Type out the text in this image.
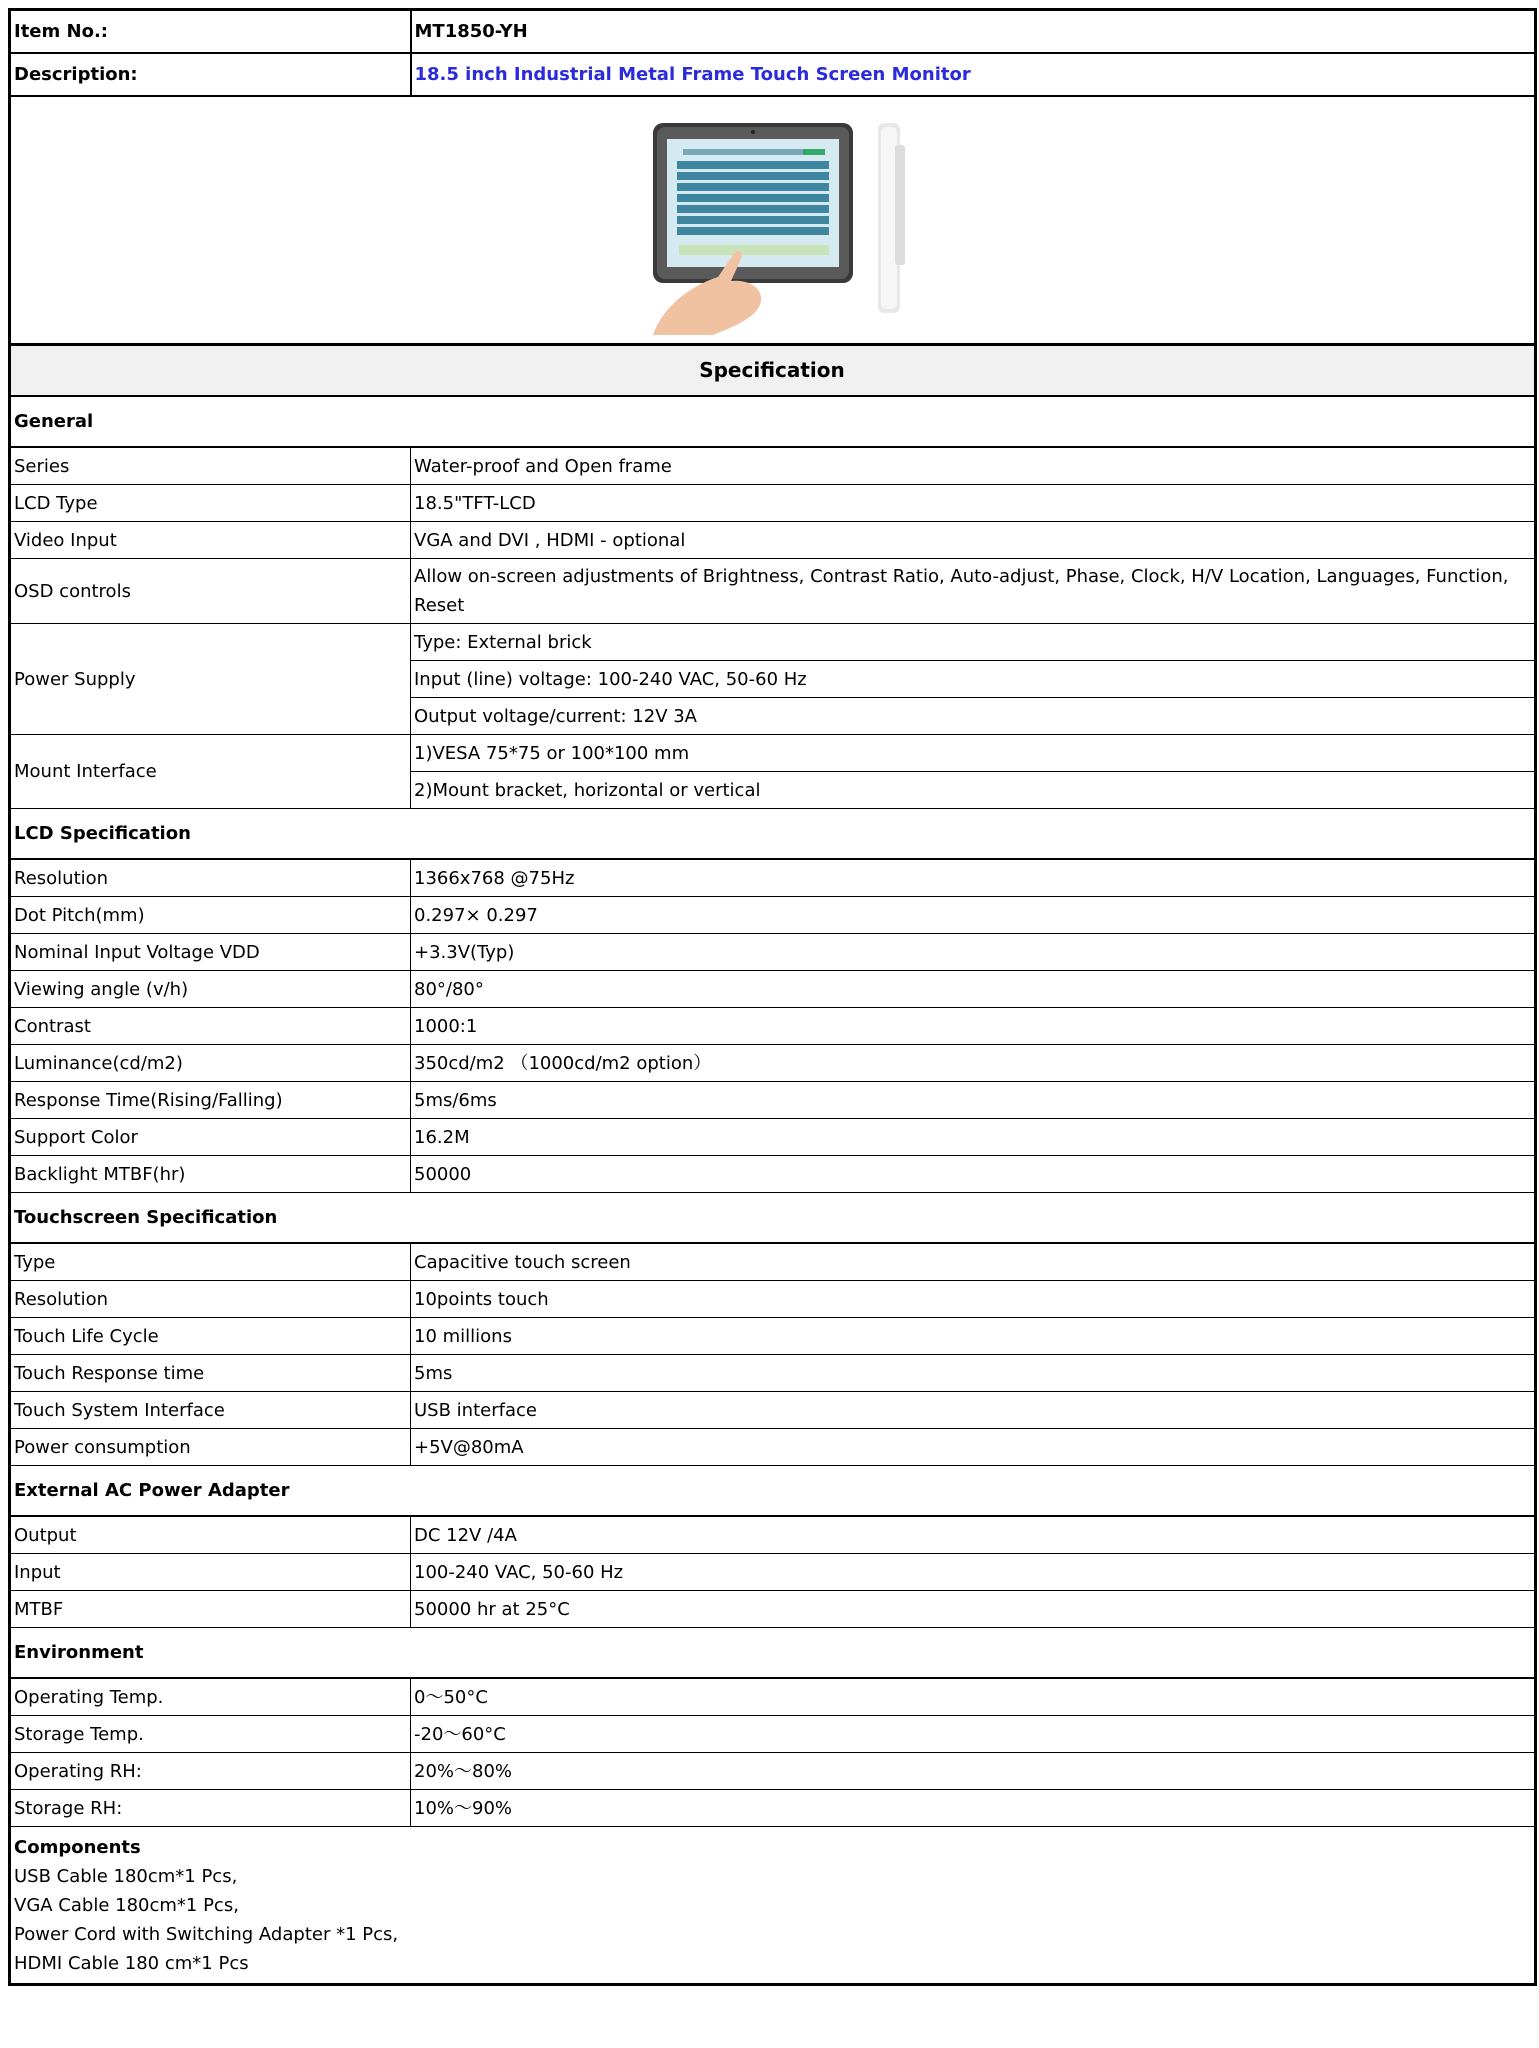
Item No.:	MT1850-YH
Description:	18.5 inch Industrial Metal Frame Touch Screen Monitor

Specification	
General	
Series	Water-proof and Open frame
LCD Type	18.5"TFT-LCD
Video Input	VGA and DVI , HDMI - optional
OSD controls	Allow on-screen adjustments of Brightness, Contrast Ratio, Auto-adjust, Phase, Clock, H/V Location, Languages, Function, Reset
Power Supply	Type: External brick
	Input (line) voltage: 100-240 VAC, 50-60 Hz
	Output voltage/current: 12V 3A
Mount Interface	1)VESA 75*75 or 100*100 mm
	2)Mount bracket, horizontal or vertical
LCD Specification	
Resolution	1366x768 @75Hz
Dot Pitch(mm)	0.297× 0.297
Nominal Input Voltage VDD	+3.3V(Typ)
Viewing angle (v/h)	80°/80°
Contrast	1000:1
Luminance(cd/m2)	350cd/m2 （1000cd/m2 option）
Response Time(Rising/Falling)	5ms/6ms
Support Color	16.2M
Backlight MTBF(hr)	50000
Touchscreen Specification	
Type	Capacitive touch screen
Resolution	10points touch
Touch Life Cycle	10 millions
Touch Response time	5ms
Touch System Interface	USB interface
Power consumption	+5V@80mA
External AC Power Adapter	
Output	DC 12V /4A
Input	100-240 VAC, 50-60 Hz
MTBF	50000 hr at 25°C
Environment	
Operating Temp.	0～50°C
Storage Temp.	-20～60°C
Operating RH:	20%～80%
Storage RH:	10%～90%

Components
USB Cable 180cm*1 Pcs,
VGA Cable 180cm*1 Pcs,
Power Cord with Switching Adapter *1 Pcs,
HDMI Cable 180 cm*1 Pcs	
